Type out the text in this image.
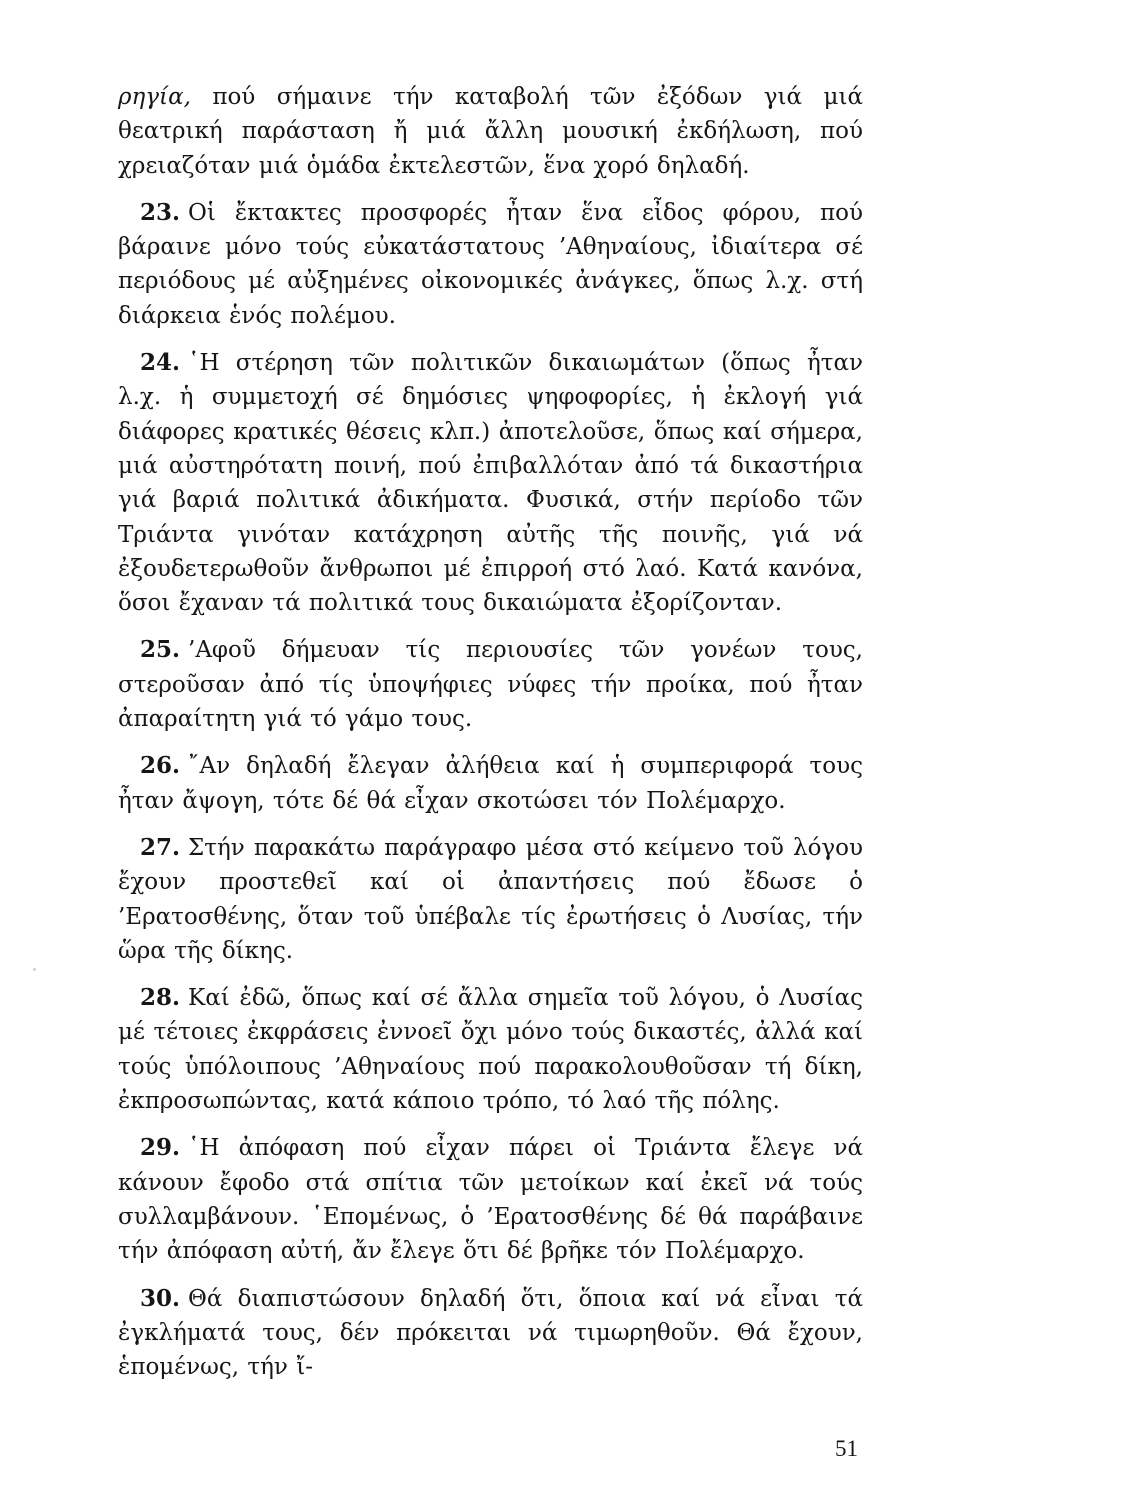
ρηγία, πού σήμαινε τήν καταβολή τῶν ἐξόδων γιά μιά θεατρική παράσταση ἤ μιά ἄλλη μουσική ἐκδήλωση, πού χρειαζόταν μιά ὁμάδα ἐκτελεστῶν, ἕνα χορό δηλαδή.

23. Οἱ ἔκτακτες προσφορές ἦταν ἕνα εἶδος φόρου, πού βάραινε μόνο τούς εὐκατάστατους ’Αθηναίους, ἰδιαίτερα σέ περιόδους μέ αὐξημένες οἰκονομικές ἀνάγκες, ὅπως λ.χ. στή διάρκεια ἑνός πολέμου.

24. ῾Η στέρηση τῶν πολιτικῶν δικαιωμάτων (ὅπως ἦταν λ.χ. ἡ συμμετοχή σέ δημόσιες ψηφοφορίες, ἡ ἐκλογή γιά διάφορες κρατικές θέσεις κλπ.) ἀποτελοῦσε, ὅπως καί σήμερα, μιά αὐστηρότατη ποινή, πού ἐπιβαλλόταν ἀπό τά δικαστήρια γιά βαριά πολιτικά ἀδικήματα. Φυσικά, στήν περίοδο τῶν Τριάντα γινόταν κατάχρηση αὐτῆς τῆς ποινῆς, γιά νά ἐξουδετερωθοῦν ἄνθρωποι μέ ἐπιρροή στό λαό. Κατά κανόνα, ὅσοι ἔχαναν τά πολιτικά τους δικαιώματα ἐξορίζονταν.

25. ’Αφοῦ δήμευαν τίς περιουσίες τῶν γονέων τους, στεροῦσαν ἀπό τίς ὑποψήφιες νύφες τήν προίκα, πού ἦταν ἀπαραίτητη γιά τό γάμο τους.

26. ῎Αν δηλαδή ἔλεγαν ἀλήθεια καί ἡ συμπεριφορά τους ἦταν ἄψογη, τότε δέ θά εἶχαν σκοτώσει τόν Πολέμαρχο.

27. Στήν παρακάτω παράγραφο μέσα στό κείμενο τοῦ λόγου ἔχουν προστεθεῖ καί οἱ ἀπαντήσεις πού ἔδωσε ὁ ’Ερατοσθένης, ὅταν τοῦ ὑπέβαλε τίς ἐρωτήσεις ὁ Λυσίας, τήν ὥρα τῆς δίκης.

28. Καί ἐδῶ, ὅπως καί σέ ἄλλα σημεῖα τοῦ λόγου, ὁ Λυσίας μέ τέτοιες ἐκφράσεις ἐννοεῖ ὄχι μόνο τούς δικαστές, ἀλλά καί τούς ὑπόλοιπους ’Αθηναίους πού παρακολουθοῦσαν τή δίκη, ἐκπροσωπώντας, κατά κάποιο τρόπο, τό λαό τῆς πόλης.

29. ῾Η ἀπόφαση πού εἶχαν πάρει οἱ Τριάντα ἔλεγε νά κάνουν ἔφοδο στά σπίτια τῶν μετοίκων καί ἐκεῖ νά τούς συλλαμβάνουν. ῾Επομένως, ὁ ’Ερατοσθένης δέ θά παράβαινε τήν ἀπόφαση αὐτή, ἄν ἔλεγε ὅτι δέ βρῆκε τόν Πολέμαρχο.

30. Θά διαπιστώσουν δηλαδή ὅτι, ὅποια καί νά εἶναι τά ἐγκλήματά τους, δέν πρόκειται νά τιμωρηθοῦν. Θά ἔχουν, ἑπομένως, τήν ἴ-

51
